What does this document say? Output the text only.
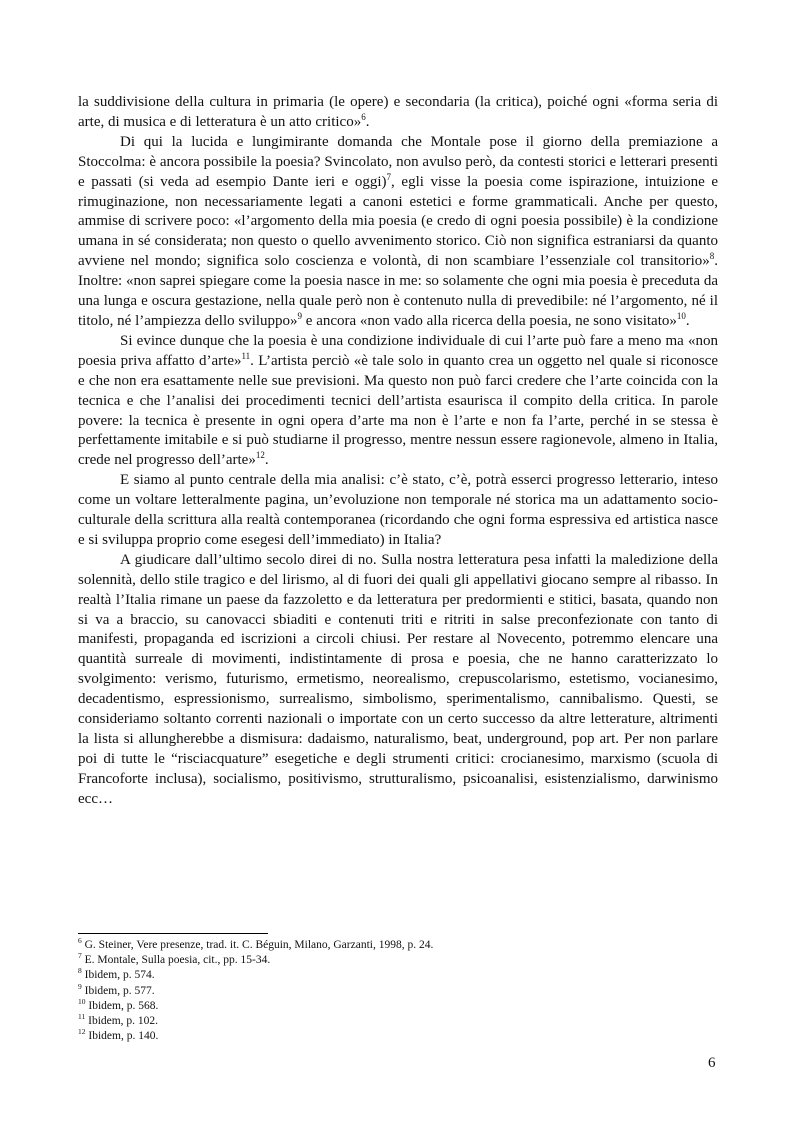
la suddivisione della cultura in primaria (le opere) e secondaria (la critica), poiché ogni «forma seria di arte, di musica e di letteratura è un atto critico»$^6$.

Di qui la lucida e lungimirante domanda che Montale pose il giorno della premiazione a Stoccolma: è ancora possibile la poesia? Svincolato, non avulso però, da contesti storici e letterari presenti e passati (si veda ad esempio Dante ieri e oggi)$^7$, egli visse la poesia come ispirazione, intuizione e rimuginazione, non necessariamente legati a canoni estetici e forme grammaticali. Anche per questo, ammise di scrivere poco: «l’argomento della mia poesia (e credo di ogni poesia possibile) è la condizione umana in sé considerata; non questo o quello avvenimento storico. Ciò non significa estraniarsi da quanto avviene nel mondo; significa solo coscienza e volontà, di non scambiare l’essenziale col transitorio»$^8$. Inoltre: «non saprei spiegare come la poesia nasce in me: so solamente che ogni mia poesia è preceduta da una lunga e oscura gestazione, nella quale però non è contenuto nulla di prevedibile: né l’argomento, né il titolo, né l’ampiezza dello sviluppo»$^9$ e ancora «non vado alla ricerca della poesia, ne sono visitato»$^{10}$.

Si evince dunque che la poesia è una condizione individuale di cui l’arte può fare a meno ma «non poesia priva affatto d’arte»$^{11}$. L’artista perciò «è tale solo in quanto crea un oggetto nel quale si riconosce e che non era esattamente nelle sue previsioni. Ma questo non può farci credere che l’arte coincida con la tecnica e che l’analisi dei procedimenti tecnici dell’artista esaurisca il compito della critica. In parole povere: la tecnica è presente in ogni opera d’arte ma non è l’arte e non fa l’arte, perché in se stessa è perfettamente imitabile e si può studiarne il progresso, mentre nessun essere ragionevole, almeno in Italia, crede nel progresso dell’arte»$^{12}$.

E siamo al punto centrale della mia analisi: c’è stato, c’è, potrà esserci progresso letterario, inteso come un voltare letteralmente pagina, un’evoluzione non temporale né storica ma un adattamento socio-culturale della scrittura alla realtà contemporanea (ricordando che ogni forma espressiva ed artistica nasce e si sviluppa proprio come esegesi dell’immediato) in Italia?

A giudicare dall’ultimo secolo direi di no. Sulla nostra letteratura pesa infatti la maledizione della solennità, dello stile tragico e del lirismo, al di fuori dei quali gli appellativi giocano sempre al ribasso. In realtà l’Italia rimane un paese da fazzoletto e da letteratura per predormienti e stitici, basata, quando non si va a braccio, su canovacci sbiaditi e contenuti triti e ritriti in salse preconfezionate con tanto di manifesti, propaganda ed iscrizioni a circoli chiusi. Per restare al Novecento, potremmo elencare una quantità surreale di movimenti, indistintamente di prosa e poesia, che ne hanno caratterizzato lo svolgimento: verismo, futurismo, ermetismo, neorealismo, crepuscolarismo, estetismo, vocianesimo, decadentismo, espressionismo, surrealismo, simbolismo, sperimentalismo, cannibalismo. Questi, se consideriamo soltanto correnti nazionali o importate con un certo successo da altre letterature, altrimenti la lista si allungherebbe a dismisura: dadaismo, naturalismo, beat, underground, pop art. Per non parlare poi di tutte le “risciacquature” esegetiche e degli strumenti critici: crocianesimo, marxismo (scuola di Francoforte inclusa), socialismo, positivismo, strutturalismo, psicoanalisi, esistenzialismo, darwinismo ecc…

$^6$ G. Steiner, Vere presenze, trad. it. C. Béguin, Milano, Garzanti, 1998, p. 24.

$^7$ E. Montale, Sulla poesia, cit., pp. 15-34.

$^8$ Ibidem, p. 574.

$^9$ Ibidem, p. 577.

$^{10}$ Ibidem, p. 568.

$^{11}$ Ibidem, p. 102.

$^{12}$ Ibidem, p. 140.

6
